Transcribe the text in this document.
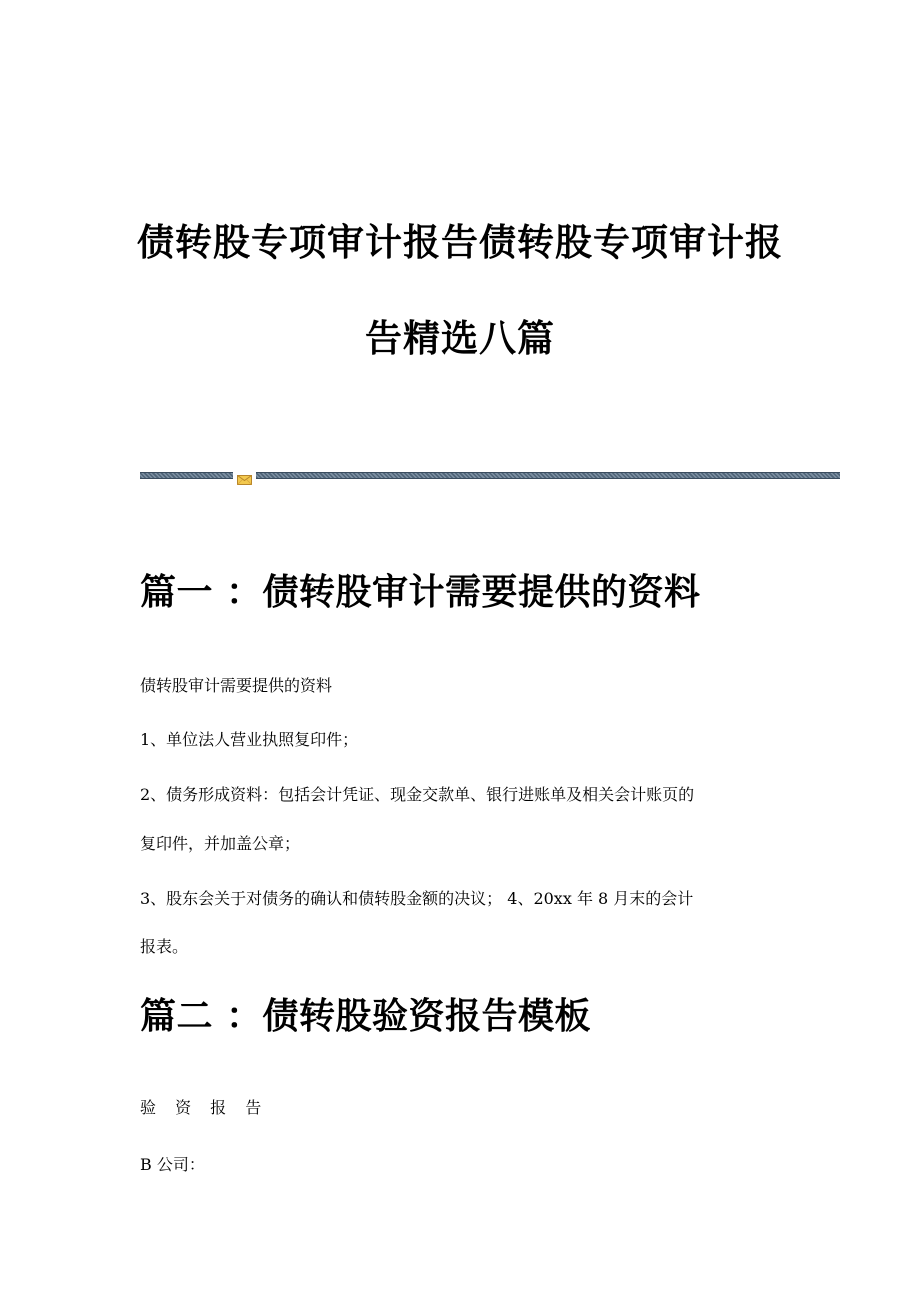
债转股专项审计报告债转股专项审计报
告精选八篇
篇一 ：债转股审计需要提供的资料
债转股审计需要提供的资料
1、单位法人营业执照复印件；
2、债务形成资料：包括会计凭证、现金交款单、银行进账单及相关会计账页的
复印件，并加盖公章；
3、股东会关于对债务的确认和债转股金额的决议； 4、20xx 年 8 月末的会计
报表。
篇二 ：债转股验资报告模板
验 资 报 告
B 公司：
